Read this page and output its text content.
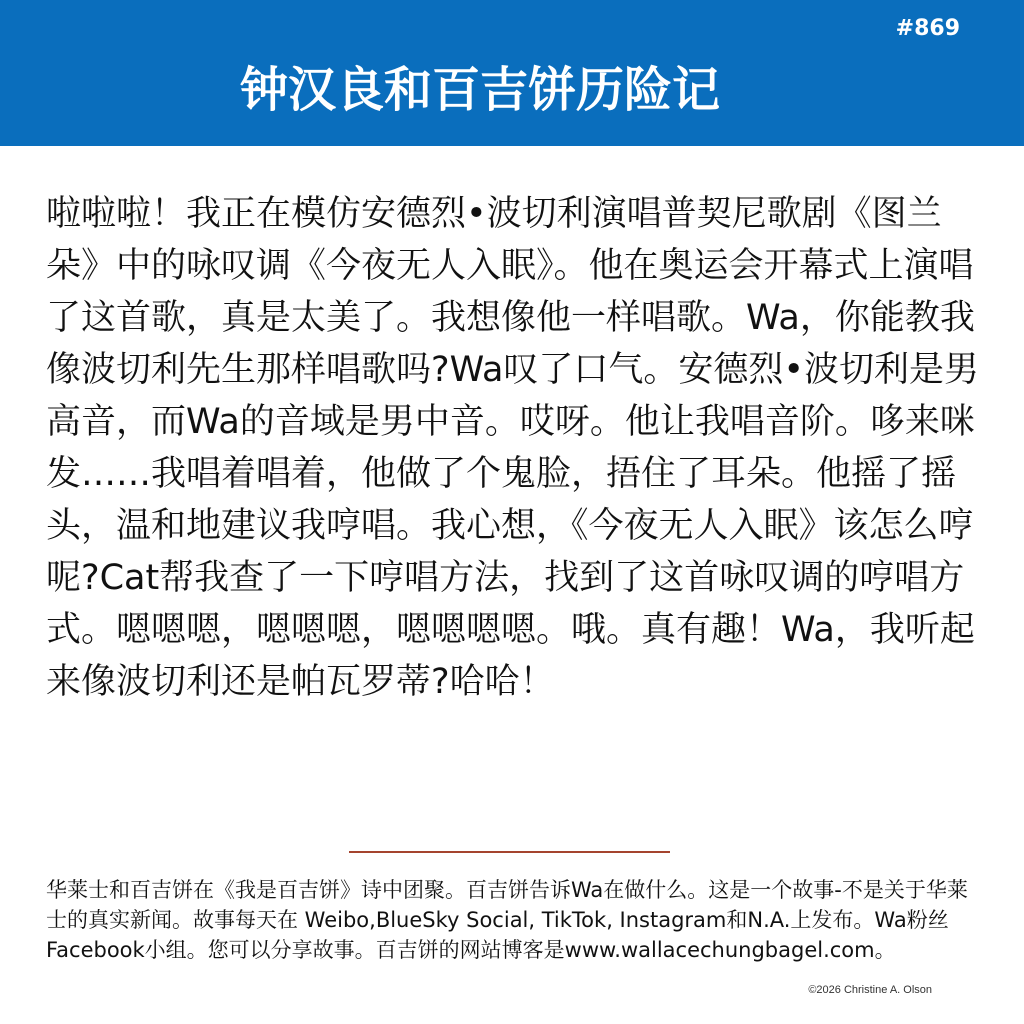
#869
钟汉良和百吉饼历险记

啦啦啦！我正在模仿安德烈•波切利演唱普契尼歌剧《图兰朵》中的咏叹调《今夜无人入眠》。他在奥运会开幕式上演唱了这首歌，真是太美了。我想像他一样唱歌。Wa，你能教我像波切利先生那样唱歌吗?Wa叹了口气。安德烈•波切利是男高音，而Wa的音域是男中音。哎呀。他让我唱音阶。哆来咪发……我唱着唱着，他做了个鬼脸，捂住了耳朵。他摇了摇头，温和地建议我哼唱。我心想，《今夜无人入眠》该怎么哼呢?Cat帮我查了一下哼唱方法，找到了这首咏叹调的哼唱方式。嗯嗯嗯，嗯嗯嗯，嗯嗯嗯嗯。哦。真有趣！Wa，我听起来像波切利还是帕瓦罗蒂?哈哈！

华莱士和百吉饼在《我是百吉饼》诗中团聚。百吉饼告诉Wa在做什么。这是一个故事-不是关于华莱士的真实新闻。故事每天在 Weibo,BlueSky Social, TikTok, Instagram和N.A.上发布。Wa粉丝Facebook小组。您可以分享故事。百吉饼的网站博客是www.wallacechungbagel.com。

©2026 Christine A. Olson
